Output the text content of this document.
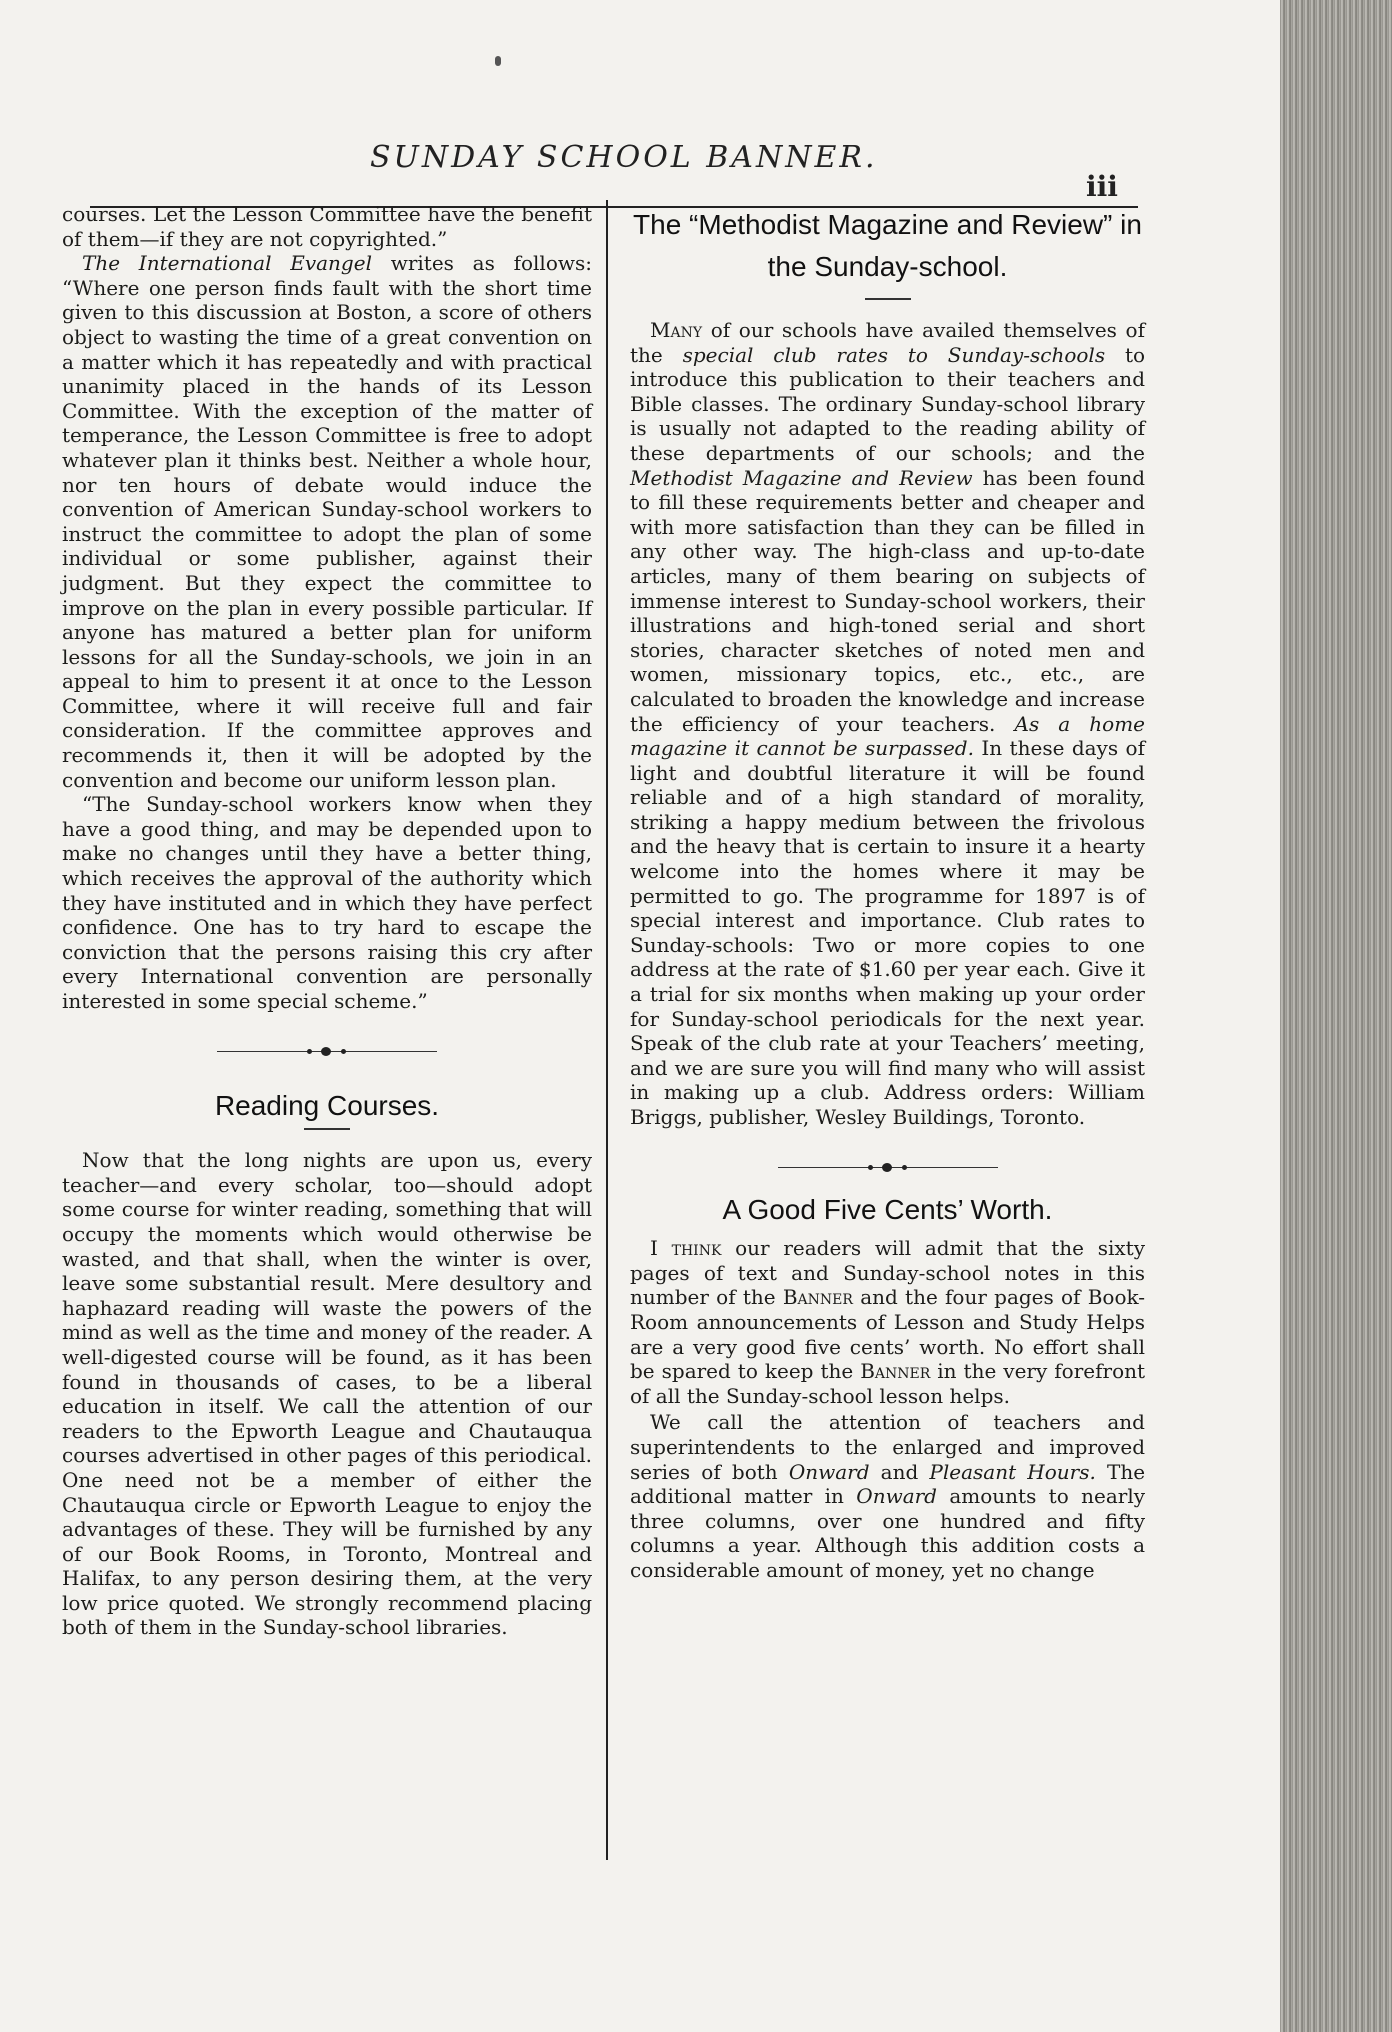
SUNDAY SCHOOL BANNER.
iii

courses. Let the Lesson Committee have the benefit of them—if they are not copyrighted.”

The International Evangel writes as follows: “Where one person finds fault with the short time given to this discussion at Boston, a score of others object to wasting the time of a great convention on a matter which it has repeatedly and with practical unanimity placed in the hands of its Lesson Committee. With the exception of the matter of temperance, the Lesson Committee is free to adopt whatever plan it thinks best. Neither a whole hour, nor ten hours of debate would induce the convention of American Sunday-school workers to instruct the committee to adopt the plan of some individual or some publisher, against their judgment. But they expect the committee to improve on the plan in every possible particular. If anyone has matured a better plan for uniform lessons for all the Sunday-schools, we join in an appeal to him to present it at once to the Lesson Committee, where it will receive full and fair consideration. If the committee approves and recommends it, then it will be adopted by the convention and become our uniform lesson plan.

“The Sunday-school workers know when they have a good thing, and may be depended upon to make no changes until they have a better thing, which receives the approval of the authority which they have instituted and in which they have perfect confidence. One has to try hard to escape the conviction that the persons raising this cry after every International convention are personally interested in some special scheme.”

Reading Courses.

Now that the long nights are upon us, every teacher—and every scholar, too—should adopt some course for winter reading, something that will occupy the moments which would otherwise be wasted, and that shall, when the winter is over, leave some substantial result. Mere desultory and haphazard reading will waste the powers of the mind as well as the time and money of the reader. A well-digested course will be found, as it has been found in thousands of cases, to be a liberal education in itself. We call the attention of our readers to the Epworth League and Chautauqua courses advertised in other pages of this periodical. One need not be a member of either the Chautauqua circle or Epworth League to enjoy the advantages of these. They will be furnished by any of our Book Rooms, in Toronto, Montreal and Halifax, to any person desiring them, at the very low price quoted. We strongly recommend placing both of them in the Sunday-school libraries.

The “Methodist Magazine and Review” in the Sunday-school.

Many of our schools have availed themselves of the special club rates to Sunday-schools to introduce this publication to their teachers and Bible classes. The ordinary Sunday-school library is usually not adapted to the reading ability of these departments of our schools; and the Methodist Magazine and Review has been found to fill these requirements better and cheaper and with more satisfaction than they can be filled in any other way. The high-class and up-to-date articles, many of them bearing on subjects of immense interest to Sunday-school workers, their illustrations and high-toned serial and short stories, character sketches of noted men and women, missionary topics, etc., etc., are calculated to broaden the knowledge and increase the efficiency of your teachers. As a home magazine it cannot be surpassed. In these days of light and doubtful literature it will be found reliable and of a high standard of morality, striking a happy medium between the frivolous and the heavy that is certain to insure it a hearty welcome into the homes where it may be permitted to go. The programme for 1897 is of special interest and importance. Club rates to Sunday-schools: Two or more copies to one address at the rate of $1.60 per year each. Give it a trial for six months when making up your order for Sunday-school periodicals for the next year. Speak of the club rate at your Teachers’ meeting, and we are sure you will find many who will assist in making up a club. Address orders: William Briggs, publisher, Wesley Buildings, Toronto.

A Good Five Cents’ Worth.

I think our readers will admit that the sixty pages of text and Sunday-school notes in this number of the Banner and the four pages of Book-Room announcements of Lesson and Study Helps are a very good five cents’ worth. No effort shall be spared to keep the Banner in the very forefront of all the Sunday-school lesson helps.

We call the attention of teachers and superintendents to the enlarged and improved series of both Onward and Pleasant Hours. The additional matter in Onward amounts to nearly three columns, over one hundred and fifty columns a year. Although this addition costs a considerable amount of money, yet no change
